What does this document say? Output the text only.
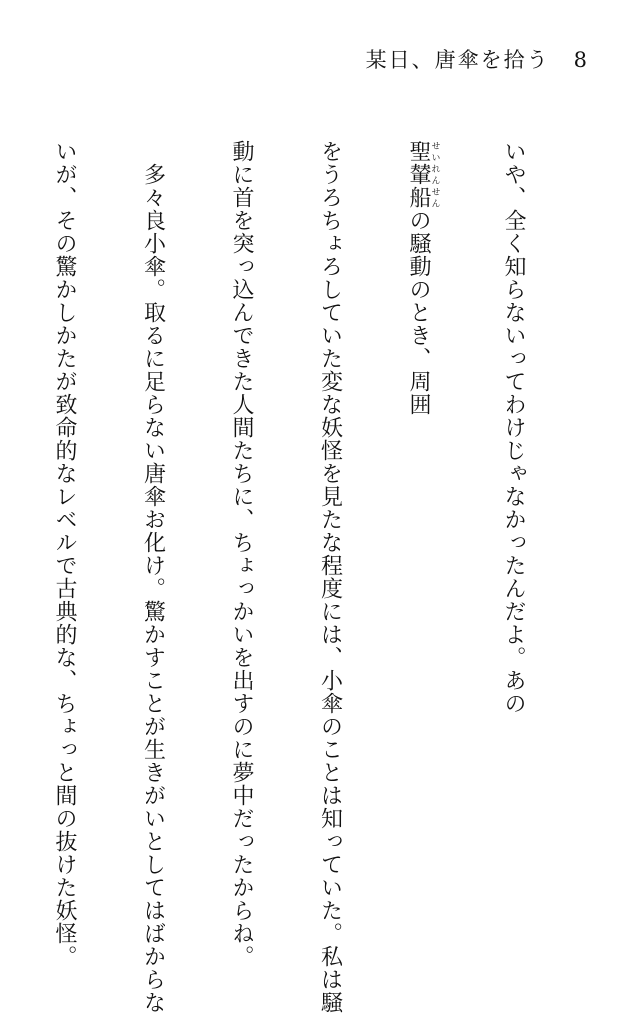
某日、唐傘を拾う 8

いや、全く知らないってわけじゃなかったんだよ。あの

聖輦船せいれんせんの騒動のとき、周囲

をうろちょろしていた変な妖怪を見たな程度には、小傘のことは知っていた。私は騒

動に首を突っ込んできた人間たちに、ちょっかいを出すのに夢中だったからね。

　多々良小傘。取るに足らない唐傘お化け。驚かすことが生きがいとしてはばからな

いが、その驚かしかたが致命的なレベルで古典的な、ちょっと間の抜けた妖怪。
